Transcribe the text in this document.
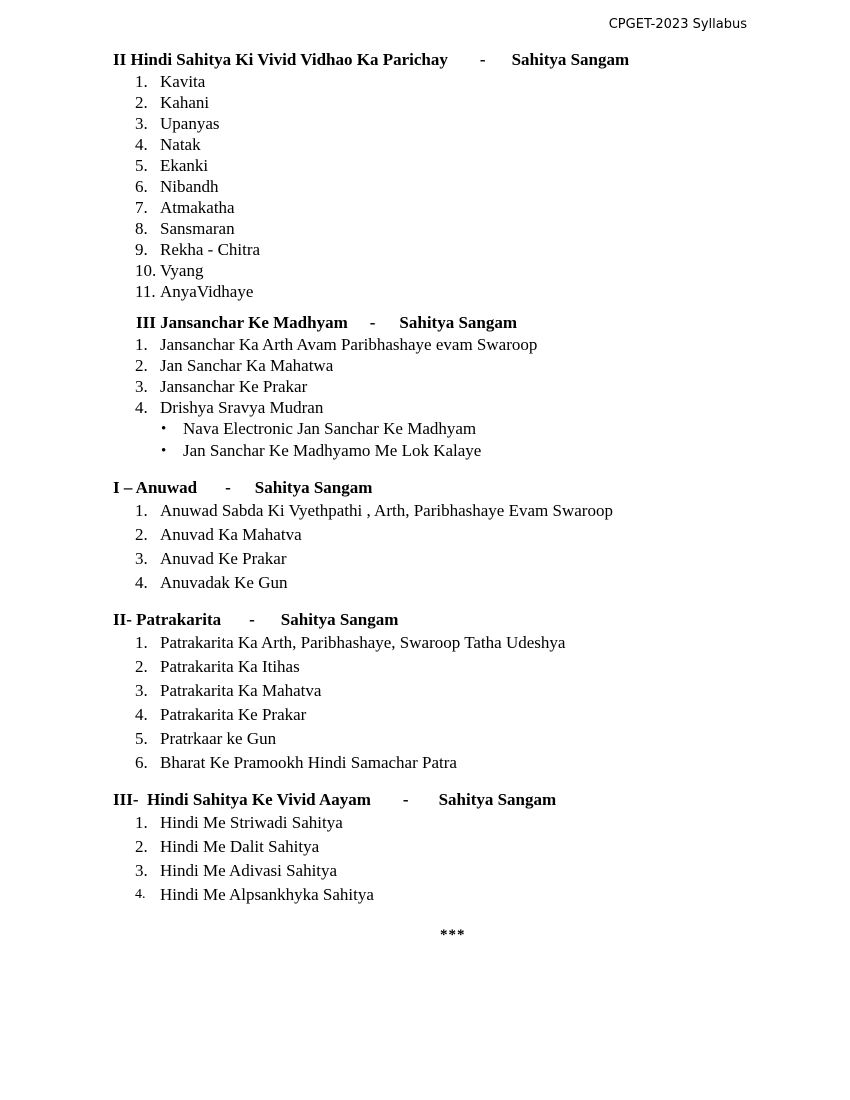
CPGET-2023 Syllabus
II Hindi Sahitya Ki Vivid Vidhao Ka Parichay - Sahitya Sangam
1. Kavita
2. Kahani
3. Upanyas
4. Natak
5. Ekanki
6. Nibandh
7. Atmakatha
8. Sansmaran
9. Rekha - Chitra
10. Vyang
11. AnyaVidhaye
III Jansanchar Ke Madhyam - Sahitya Sangam
1. Jansanchar Ka Arth Avam Paribhashaye evam Swaroop
2. Jan Sanchar Ka Mahatwa
3. Jansanchar Ke Prakar
4. Drishya Sravya Mudran
• Nava Electronic Jan Sanchar Ke Madhyam
• Jan Sanchar Ke Madhyamo Me Lok Kalaye
I – Anuwad - Sahitya Sangam
1. Anuwad Sabda Ki Vyethpathi , Arth, Paribhashaye Evam Swaroop
2. Anuvad Ka Mahatva
3. Anuvad Ke Prakar
4. Anuvadak Ke Gun
II- Patrakarita - Sahitya Sangam
1. Patrakarita Ka Arth, Paribhashaye, Swaroop Tatha Udeshya
2. Patrakarita Ka Itihas
3. Patrakarita Ka Mahatva
4. Patrakarita Ke Prakar
5. Pratrkaar ke Gun
6. Bharat Ke Pramookh Hindi Samachar Patra
III-  Hindi Sahitya Ke Vivid Aayam - Sahitya Sangam
1. Hindi Me Striwadi Sahitya
2. Hindi Me Dalit Sahitya
3. Hindi Me Adivasi Sahitya
4. Hindi Me Alpsankhyka Sahitya
***
